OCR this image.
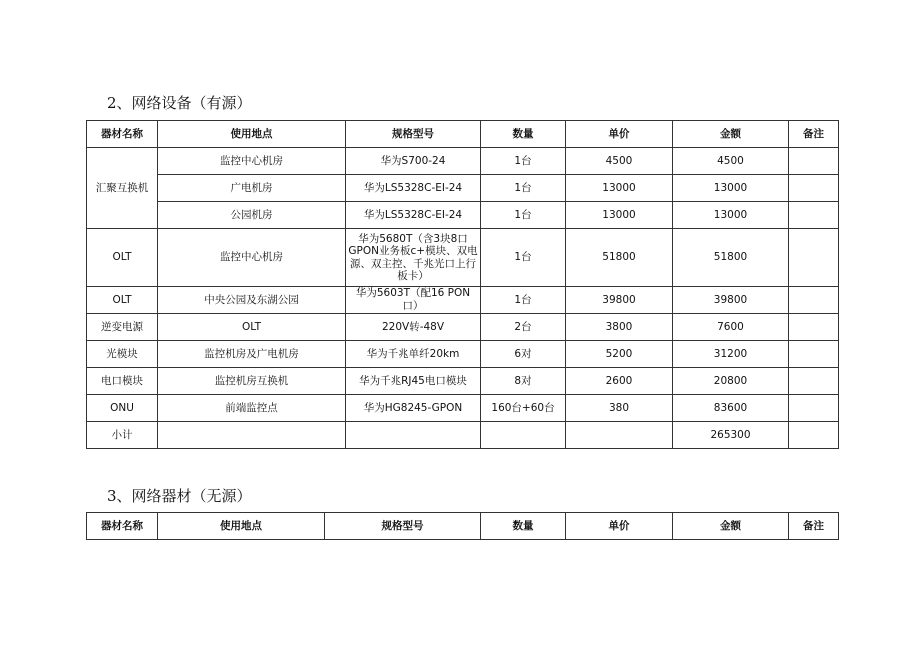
2、网络设备（有源）
器材名称	使用地点	规格型号	数量	单价	金额	备注
汇聚互换机	监控中心机房	华为S700-24	1台	4500	4500	
	广电机房	华为LS5328C-EI-24	1台	13000	13000	
	公园机房	华为LS5328C-EI-24	1台	13000	13000	
OLT	监控中心机房	华为5680T（含3块8口GPON业务板c+模块、双电源、双主控、千兆光口上行板卡）	1台	51800	51800	
OLT	中央公园及东湖公园	华为5603T（配16 PON口）	1台	39800	39800	
逆变电源	OLT	220V转-48V	2台	3800	7600	
光模块	监控机房及广电机房	华为千兆单纤20km	6对	5200	31200	
电口模块	监控机房互换机	华为千兆RJ45电口模块	8对	2600	20800	
ONU	前端监控点	华为HG8245-GPON	160台+60台	380	83600	
小计					265300	
3、网络器材（无源）
器材名称	使用地点	规格型号	数量	单价	金额	备注
